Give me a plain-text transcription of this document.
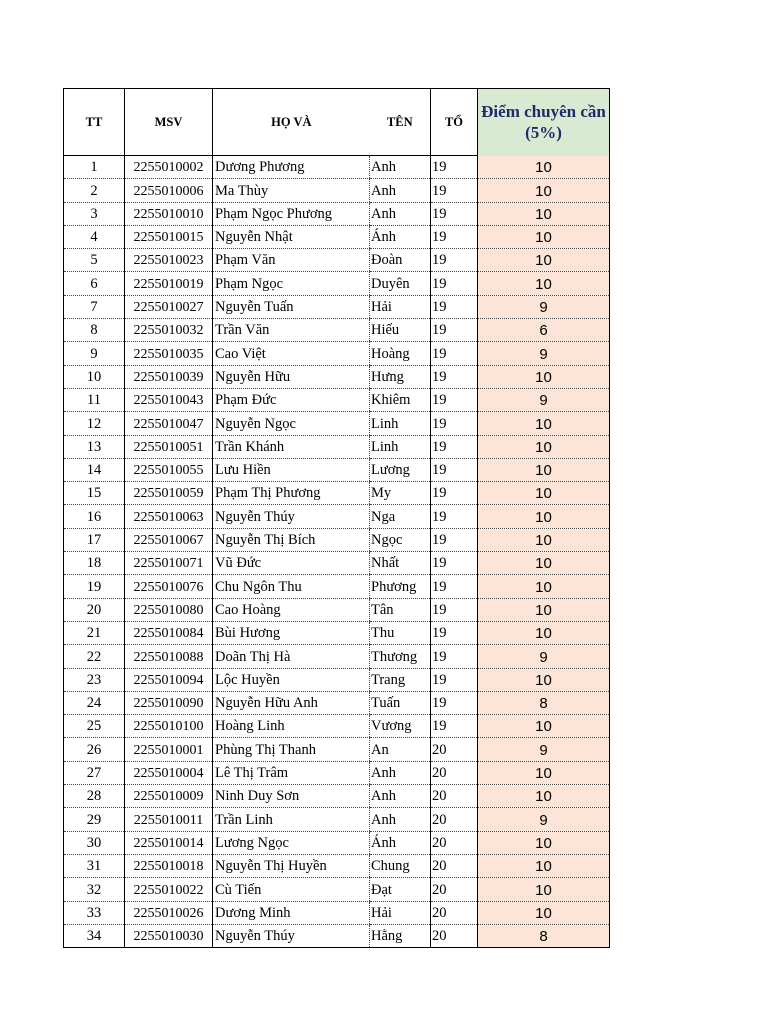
TT	MSV	HỌ VÀ	TÊN	TỔ	Điểm chuyên cần
(5%)
1	2255010002	Dương Phương	Anh	19	10
2	2255010006	Ma Thùy	Anh	19	10
3	2255010010	Phạm Ngọc Phương	Anh	19	10
4	2255010015	Nguyễn Nhật	Ánh	19	10
5	2255010023	Phạm Văn	Đoàn	19	10
6	2255010019	Phạm Ngọc	Duyên	19	10
7	2255010027	Nguyễn Tuấn	Hải	19	9
8	2255010032	Trần Văn	Hiếu	19	6
9	2255010035	Cao Việt	Hoàng	19	9
10	2255010039	Nguyễn Hữu	Hưng	19	10
11	2255010043	Phạm Đức	Khiêm	19	9
12	2255010047	Nguyễn Ngọc	Linh	19	10
13	2255010051	Trần Khánh	Linh	19	10
14	2255010055	Lưu Hiền	Lương	19	10
15	2255010059	Phạm Thị Phương	My	19	10
16	2255010063	Nguyễn Thúy	Nga	19	10
17	2255010067	Nguyễn Thị Bích	Ngọc	19	10
18	2255010071	Vũ Đức	Nhất	19	10
19	2255010076	Chu Ngôn Thu	Phương	19	10
20	2255010080	Cao Hoàng	Tân	19	10
21	2255010084	Bùi Hương	Thu	19	10
22	2255010088	Doãn Thị Hà	Thương	19	9
23	2255010094	Lộc Huyền	Trang	19	10
24	2255010090	Nguyễn Hữu Anh	Tuấn	19	8
25	2255010100	Hoàng Linh	Vương	19	10
26	2255010001	Phùng Thị Thanh	An	20	9
27	2255010004	Lê Thị Trâm	Anh	20	10
28	2255010009	Ninh Duy Sơn	Anh	20	10
29	2255010011	Trần Linh	Anh	20	9
30	2255010014	Lương Ngọc	Ánh	20	10
31	2255010018	Nguyễn Thị Huyền	Chung	20	10
32	2255010022	Cù Tiến	Đạt	20	10
33	2255010026	Dương Minh	Hải	20	10
34	2255010030	Nguyễn Thúy	Hằng	20	8
